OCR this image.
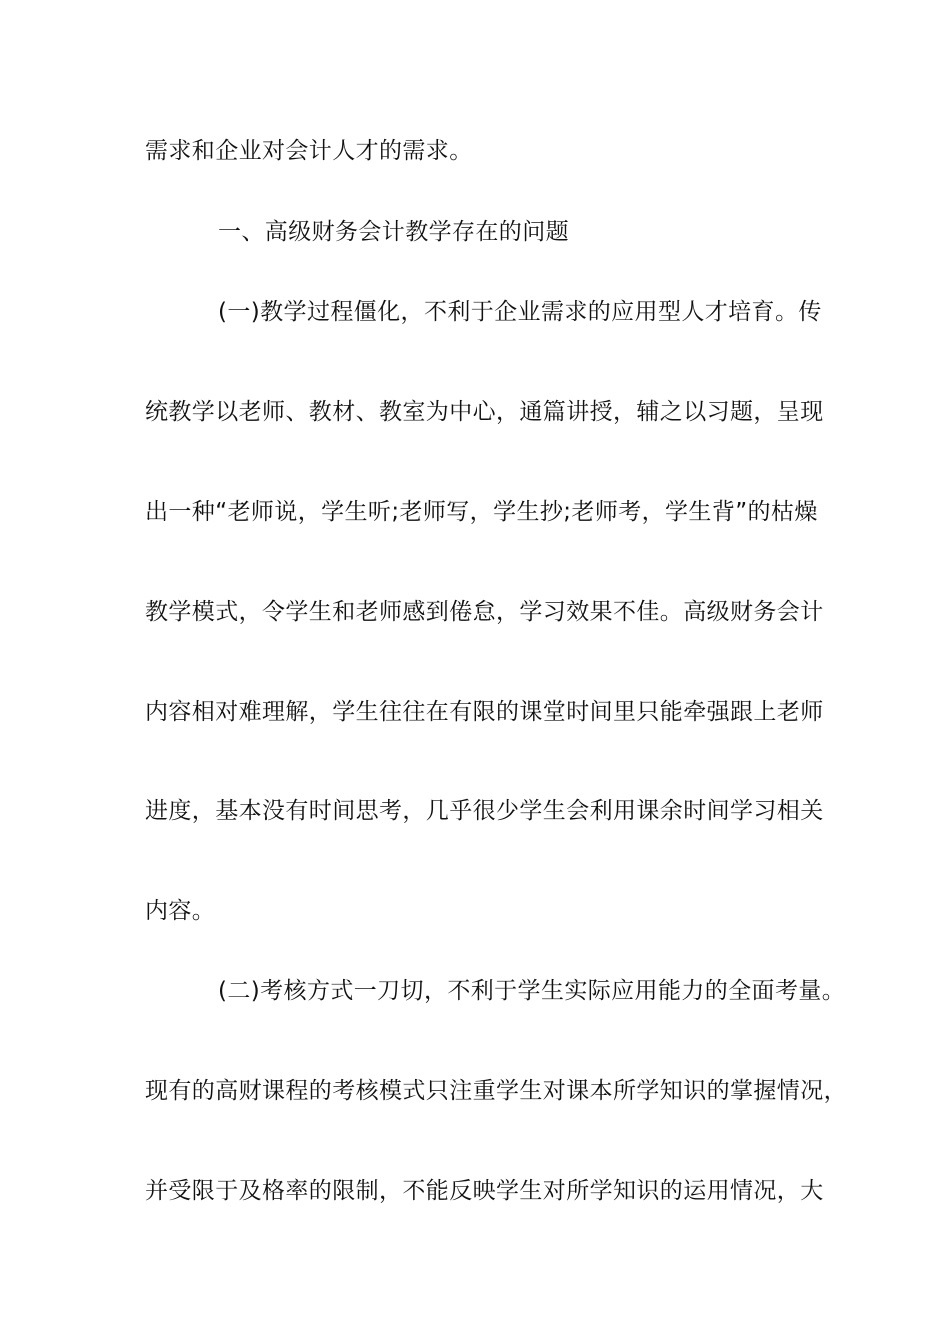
需求和企业对会计人才的需求。
一、高级财务会计教学存在的问题
(一)教学过程僵化，不利于企业需求的应用型人才培育。传
统教学以老师、教材、教室为中心，通篇讲授，辅之以习题，呈现
出一种“老师说，学生听;老师写，学生抄;老师考，学生背”的枯燥
教学模式，令学生和老师感到倦怠，学习效果不佳。高级财务会计
内容相对难理解，学生往往在有限的课堂时间里只能牵强跟上老师
进度，基本没有时间思考，几乎很少学生会利用课余时间学习相关
内容。
(二)考核方式一刀切，不利于学生实际应用能力的全面考量。
现有的高财课程的考核模式只注重学生对课本所学知识的掌握情况，
并受限于及格率的限制，不能反映学生对所学知识的运用情况，大
